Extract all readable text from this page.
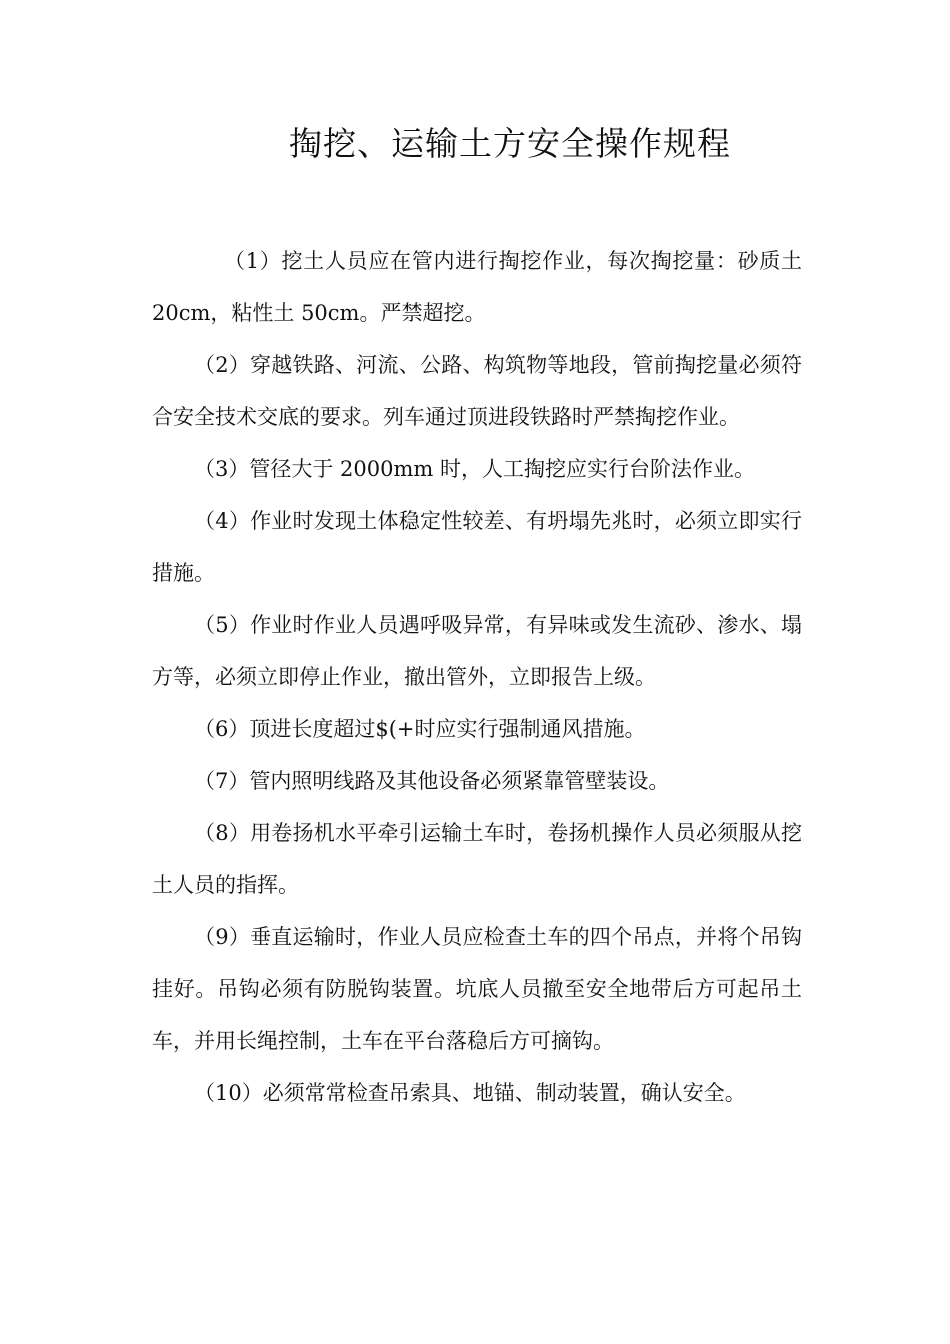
掏挖、运输土方安全操作规程

（1）挖土人员应在管内进行掏挖作业，每次掏挖量：砂质土 20cm，粘性土 50cm。严禁超挖。

（2）穿越铁路、河流、公路、构筑物等地段，管前掏挖量必须符合安全技术交底的要求。列车通过顶进段铁路时严禁掏挖作业。

（3）管径大于 2000mm 时，人工掏挖应实行台阶法作业。

（4）作业时发现土体稳定性较差、有坍塌先兆时，必须立即实行措施。

（5）作业时作业人员遇呼吸异常，有异味或发生流砂、渗水、塌方等，必须立即停止作业，撤出管外，立即报告上级。

（6）顶进长度超过$(+时应实行强制通风措施。

（7）管内照明线路及其他设备必须紧靠管壁装设。

（8）用卷扬机水平牵引运输土车时，卷扬机操作人员必须服从挖土人员的指挥。

（9）垂直运输时，作业人员应检查土车的四个吊点，并将个吊钩挂好。吊钩必须有防脱钩装置。坑底人员撤至安全地带后方可起吊土车，并用长绳控制，土车在平台落稳后方可摘钩。

（10）必须常常检查吊索具、地锚、制动装置，确认安全。
